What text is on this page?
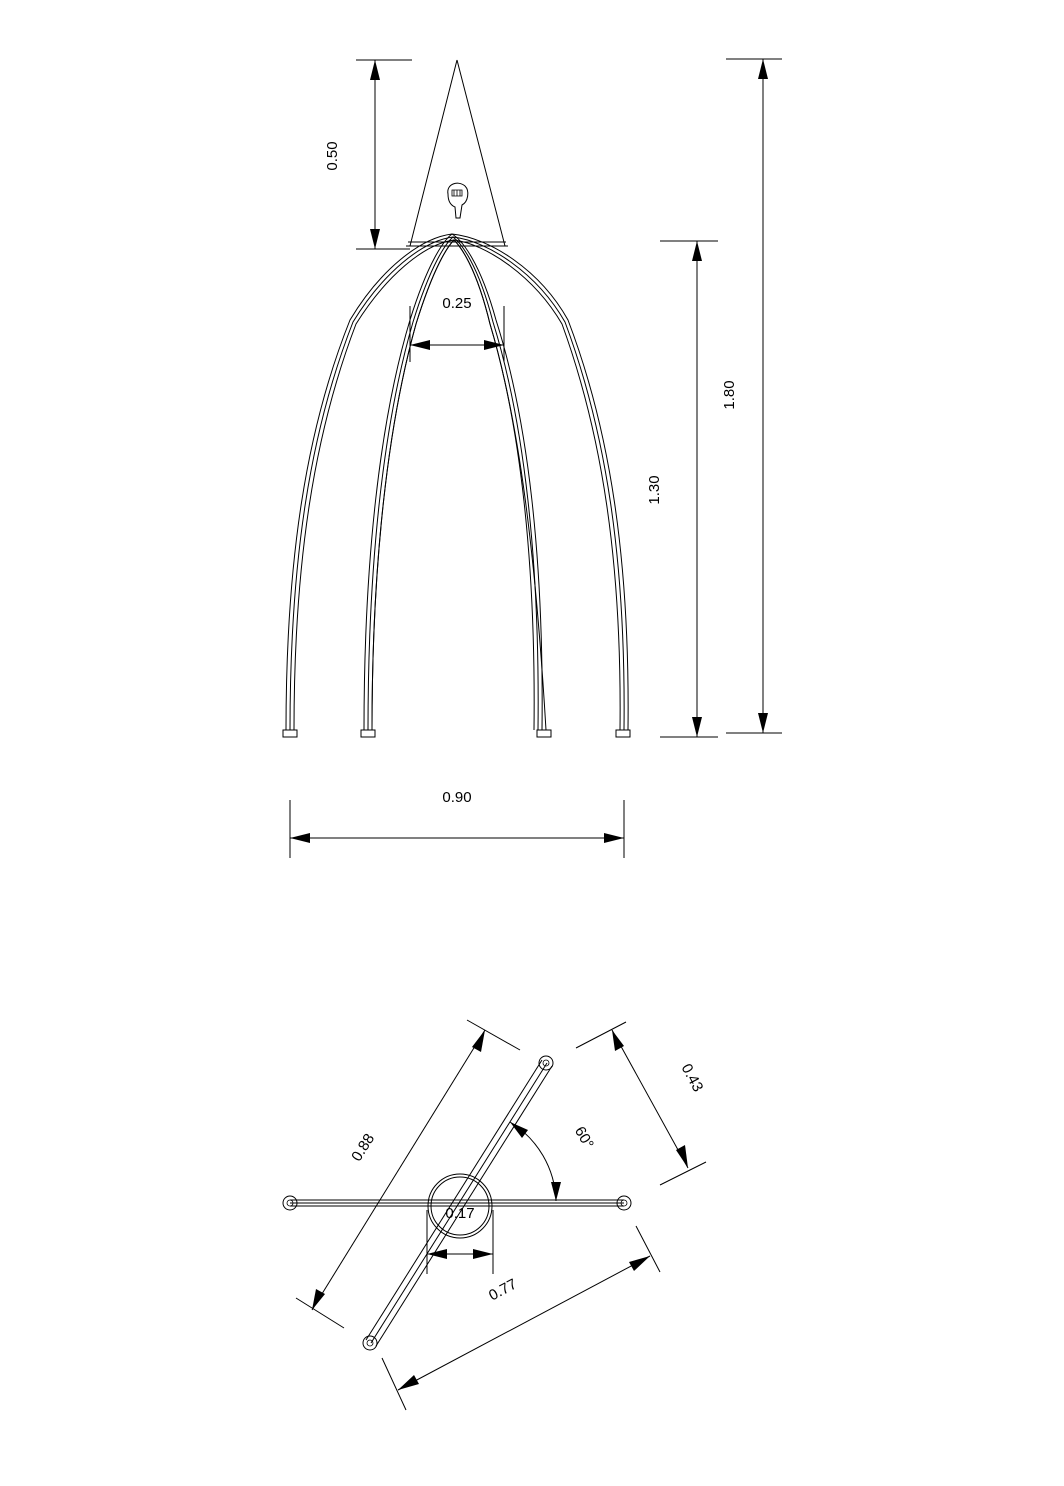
0.50
0.25
1.30
1.80
0.90
0.17
0.88
0.43
60°
0.77
